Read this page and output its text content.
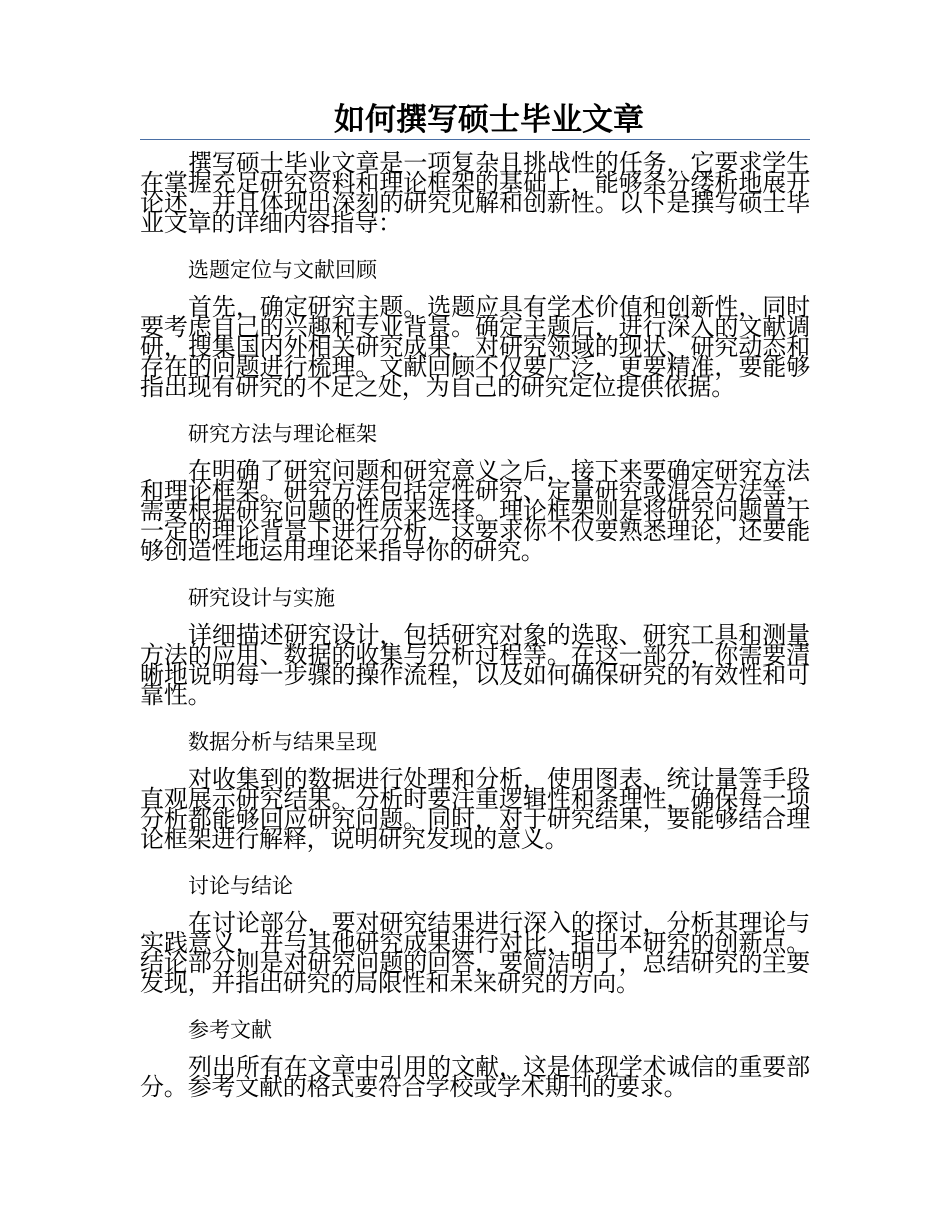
如何撰写硕士毕业文章

撰写硕士毕业文章是一项复杂且挑战性的任务，它要求学生在掌握充足研究资料和理论框架的基础上，能够条分缕析地展开论述，并且体现出深刻的研究见解和创新性。以下是撰写硕士毕业文章的详细内容指导：

选题定位与文献回顾

首先，确定研究主题。选题应具有学术价值和创新性，同时要考虑自己的兴趣和专业背景。确定主题后，进行深入的文献调研，搜集国内外相关研究成果，对研究领域的现状、研究动态和存在的问题进行梳理。文献回顾不仅要广泛，更要精准，要能够指出现有研究的不足之处，为自己的研究定位提供依据。

研究方法与理论框架

在明确了研究问题和研究意义之后，接下来要确定研究方法和理论框架。研究方法包括定性研究、定量研究或混合方法等，需要根据研究问题的性质来选择。理论框架则是将研究问题置于一定的理论背景下进行分析，这要求你不仅要熟悉理论，还要能够创造性地运用理论来指导你的研究。

研究设计与实施

详细描述研究设计，包括研究对象的选取、研究工具和测量方法的应用、数据的收集与分析过程等。在这一部分，你需要清晰地说明每一步骤的操作流程，以及如何确保研究的有效性和可靠性。

数据分析与结果呈现

对收集到的数据进行处理和分析，使用图表、统计量等手段直观展示研究结果。分析时要注重逻辑性和条理性，确保每一项分析都能够回应研究问题。同时，对于研究结果，要能够结合理论框架进行解释，说明研究发现的意义。

讨论与结论

在讨论部分，要对研究结果进行深入的探讨，分析其理论与实践意义，并与其他研究成果进行对比，指出本研究的创新点。结论部分则是对研究问题的回答，要简洁明了，总结研究的主要发现，并指出研究的局限性和未来研究的方向。

参考文献

列出所有在文章中引用的文献，这是体现学术诚信的重要部分。参考文献的格式要符合学校或学术期刊的要求。
